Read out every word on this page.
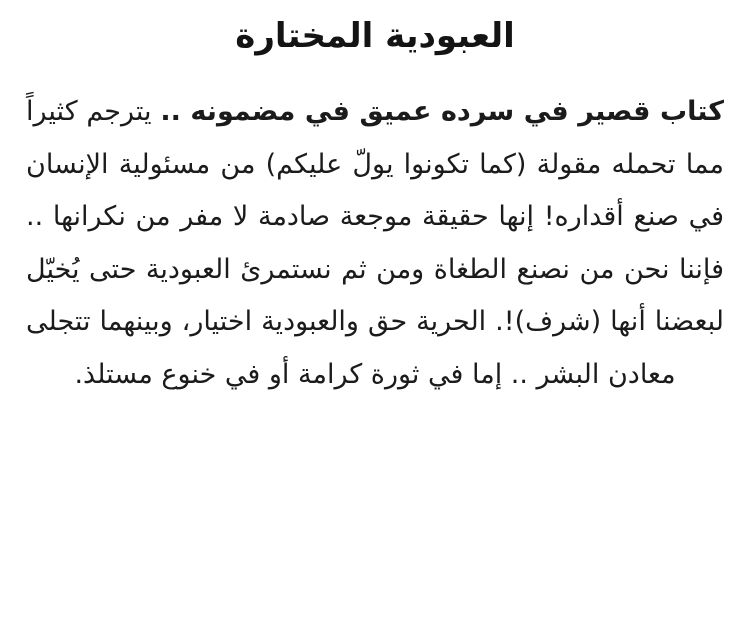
العبودية المختارة
كتاب قصير في سرده عميق في مضمونه .. يترجم كثيراً مما تحمله مقولة (كما تكونوا يولّ عليكم) من مسئولية الإنسان في صنع أقداره! إنها حقيقة موجعة صادمة لا مفر من نكرانها .. فإننا نحن من نصنع الطغاة ومن ثم نستمرئ العبودية حتى يُخيّل لبعضنا أنها (شرف)!. الحرية حق والعبودية اختيار، وبينهما تتجلى معادن البشر .. إما في ثورة كرامة أو في خنوع مستلذ.
